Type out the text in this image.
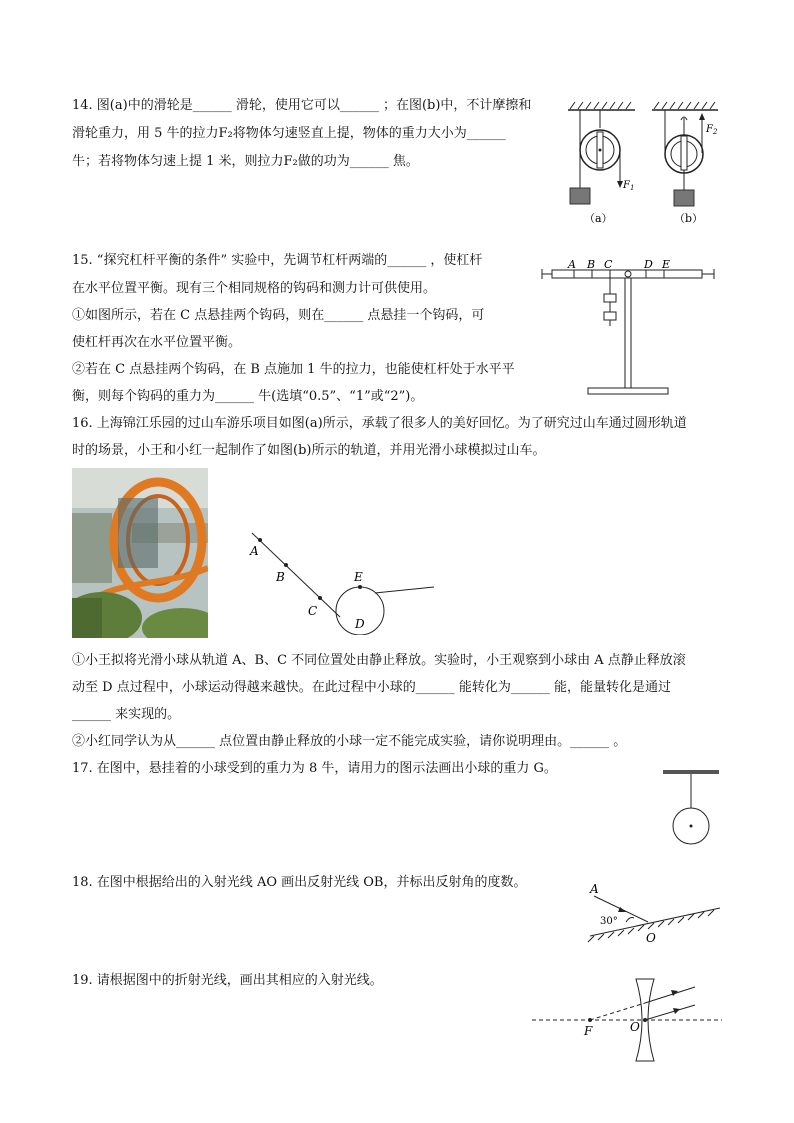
14. 图(a)中的滑轮是______ 滑轮，使用它可以______ ；在图(b)中，不计摩擦和
滑轮重力，用 5 牛的拉力F₂将物体匀速竖直上提，物体的重力大小为______
牛；若将物体匀速上提 1 米，则拉力F₂做的功为______ 焦。
$F_1$
（a）
$F_2$
（b）
15. “探究杠杆平衡的条件” 实验中，先调节杠杆两端的______ ，使杠杆
在水平位置平衡。现有三个相同规格的钩码和测力计可供使用。
①如图所示，若在 C 点悬挂两个钩码，则在______ 点悬挂一个钩码，可
使杠杆再次在水平位置平衡。
②若在 C 点悬挂两个钩码，在 B 点施加 1 牛的拉力，也能使杠杆处于水平平
衡，则每个钩码的重力为______ 牛(选填“0.5”、“1”或“2”)。
A B C	D E
16. 上海锦江乐园的过山车游乐项目如图(a)所示，承载了很多人的美好回忆。为了研究过山车通过圆形轨道
时的场景，小王和小红一起制作了如图(b)所示的轨道，并用光滑小球模拟过山车。
A
B
C
D
E
①小王拟将光滑小球从轨道 A、B、C 不同位置处由静止释放。实验时，小王观察到小球由 A 点静止释放滚
动至 D 点过程中，小球运动得越来越快。在此过程中小球的______ 能转化为______ 能，能量转化是通过
______ 来实现的。
②小红同学认为从______ 点位置由静止释放的小球一定不能完成实验，请你说明理由。______ 。
17. 在图中，悬挂着的小球受到的重力为 8 牛，请用力的图示法画出小球的重力 G。
18. 在图中根据给出的入射光线 AO 画出反射光线 OB，并标出反射角的度数。	A
O
30°
19. 请根据图中的折射光线，画出其相应的入射光线。
F	O
